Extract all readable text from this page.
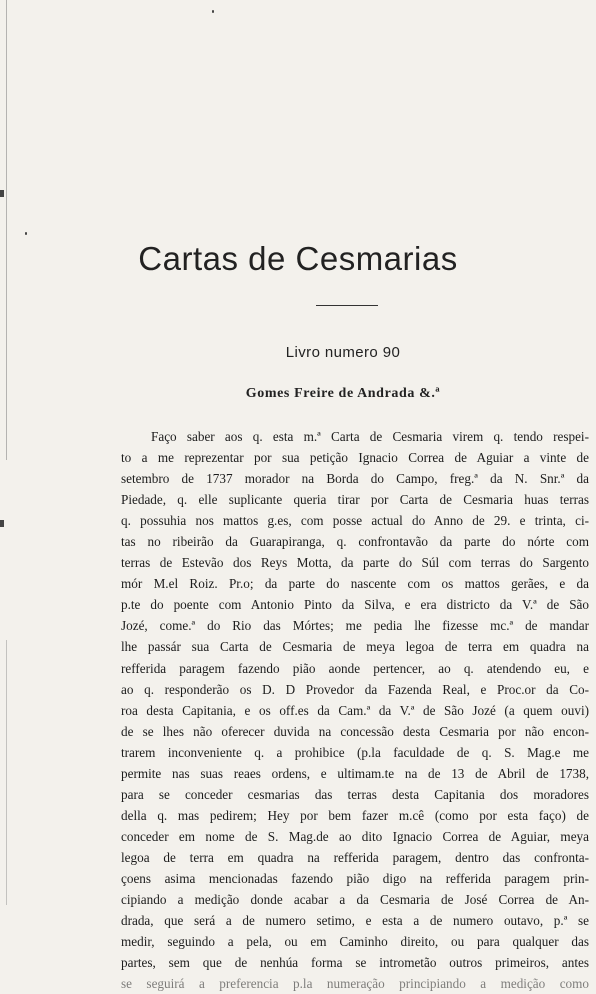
Cartas de Cesmarias
Livro numero 90
Gomes Freire de Andrada &.ª
Faço saber aos q. esta m.ª Carta de Cesmaria virem q. tendo respei-
to a me reprezentar por sua petição Ignacio Correa de Aguiar a vinte de
setembro de 1737 morador na Borda do Campo, freg.ª da N. Snr.ª da
Piedade, q. elle suplicante queria tirar por Carta de Cesmaria huas terras
q. possuhia nos mattos g.es, com posse actual do Anno de 29. e trinta, ci-
tas no ribeirão da Guarapiranga, q. confrontavão da parte do nórte com
terras de Estevão dos Reys Motta, da parte do Súl com terras do Sargento
mór M.el Roiz. Pr.o; da parte do nascente com os mattos gerães, e da
p.te do poente com Antonio Pinto da Silva, e era districto da V.ª de São
Jozé, come.ª do Rio das Mórtes; me pedia lhe fizesse mc.ª de mandar
lhe passár sua Carta de Cesmaria de meya legoa de terra em quadra na
refferida paragem fazendo pião aonde pertencer, ao q. atendendo eu, e
ao q. responderão os D. D Provedor da Fazenda Real, e Proc.or da Co-
roa desta Capitania, e os off.es da Cam.ª da V.ª de São Jozé (a quem ouvi)
de se lhes não oferecer duvida na concessão desta Cesmaria por não encon-
trarem inconveniente q. a prohibice (p.la faculdade de q. S. Mag.e me
permite nas suas reaes ordens, e ultimam.te na de 13 de Abril de 1738,
para se conceder cesmarias das terras desta Capitania dos moradores
della q. mas pedirem; Hey por bem fazer m.cê (como por esta faço) de
conceder em nome de S. Mag.de ao dito Ignacio Correa de Aguiar, meya
legoa de terra em quadra na refferida paragem, dentro das confronta-
çoens asima mencionadas fazendo pião digo na refferida paragem prin-
cipiando a medição donde acabar a da Cesmaria de José Correa de An-
drada, que será a de numero setimo, e esta a de numero outavo, p.ª se
medir, seguindo a pela, ou em Caminho direito, ou para qualquer das
partes, sem que de nenhúa forma se intrometão outros primeiros, antes
se seguirá a preferencia p.la numeração principiando a medição como
